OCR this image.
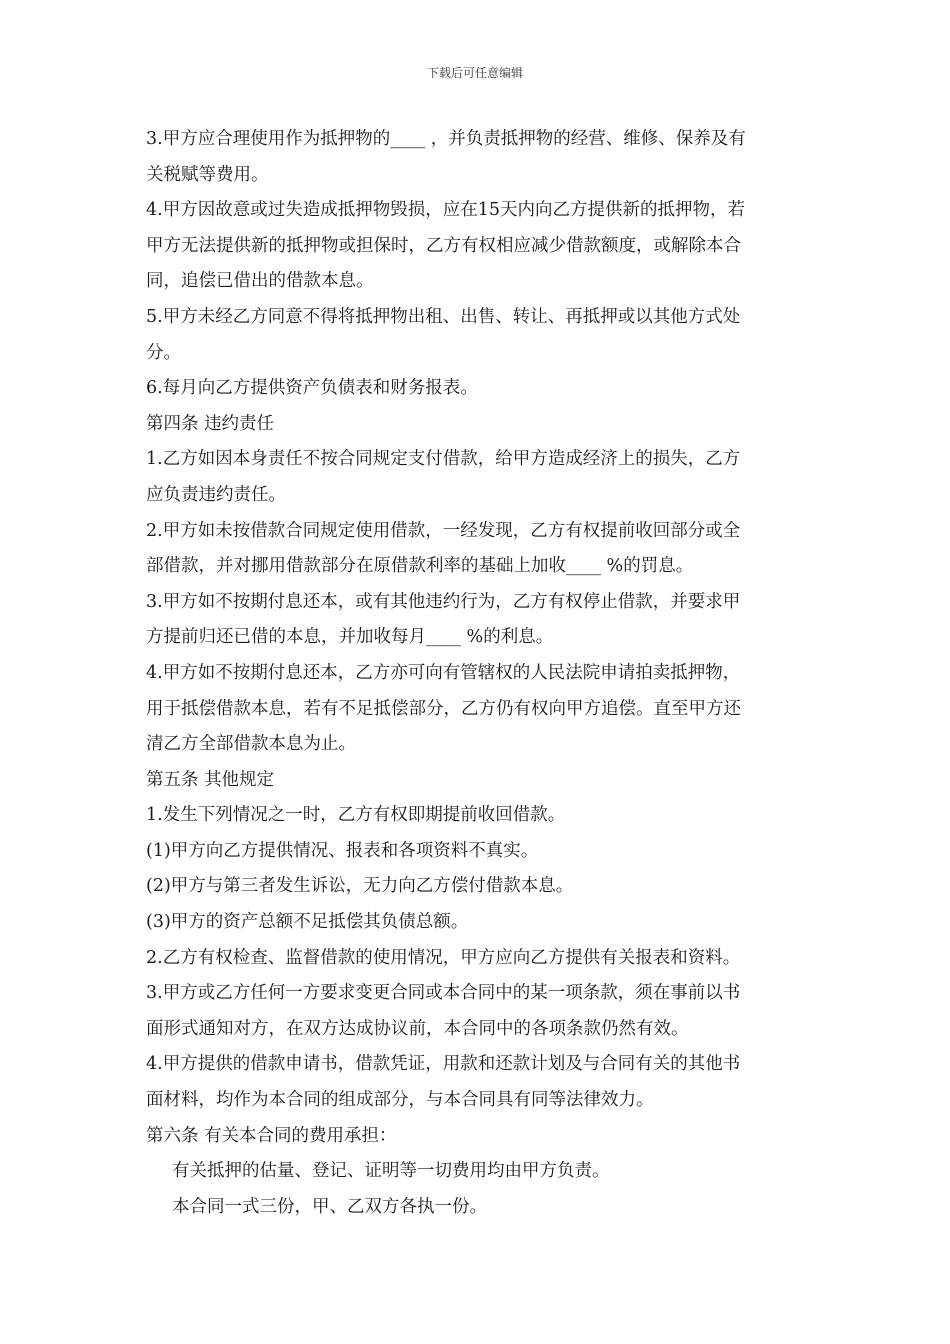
下载后可任意编辑
3.甲方应合理使用作为抵押物的____ ，并负责抵押物的经营、维修、保养及有
关税赋等费用。
4.甲方因故意或过失造成抵押物毁损，应在15天内向乙方提供新的抵押物，若
甲方无法提供新的抵押物或担保时，乙方有权相应减少借款额度，或解除本合
同，追偿已借出的借款本息。
5.甲方未经乙方同意不得将抵押物出租、出售、转让、再抵押或以其他方式处
分。
6.每月向乙方提供资产负债表和财务报表。
第四条 违约责任
1.乙方如因本身责任不按合同规定支付借款，给甲方造成经济上的损失，乙方
应负责违约责任。
2.甲方如未按借款合同规定使用借款，一经发现，乙方有权提前收回部分或全
部借款，并对挪用借款部分在原借款利率的基础上加收____ %的罚息。
3.甲方如不按期付息还本，或有其他违约行为，乙方有权停止借款，并要求甲
方提前归还已借的本息，并加收每月____ %的利息。
4.甲方如不按期付息还本，乙方亦可向有管辖权的人民法院申请拍卖抵押物，
用于抵偿借款本息，若有不足抵偿部分，乙方仍有权向甲方追偿。直至甲方还
清乙方全部借款本息为止。
第五条 其他规定
1.发生下列情况之一时，乙方有权即期提前收回借款。
(1)甲方向乙方提供情况、报表和各项资料不真实。
(2)甲方与第三者发生诉讼，无力向乙方偿付借款本息。
(3)甲方的资产总额不足抵偿其负债总额。
2.乙方有权检查、监督借款的使用情况，甲方应向乙方提供有关报表和资料。
3.甲方或乙方任何一方要求变更合同或本合同中的某一项条款，须在事前以书
面形式通知对方，在双方达成协议前，本合同中的各项条款仍然有效。
4.甲方提供的借款申请书，借款凭证，用款和还款计划及与合同有关的其他书
面材料，均作为本合同的组成部分，与本合同具有同等法律效力。
第六条 有关本合同的费用承担：
有关抵押的估量、登记、证明等一切费用均由甲方负责。
本合同一式三份，甲、乙双方各执一份。
